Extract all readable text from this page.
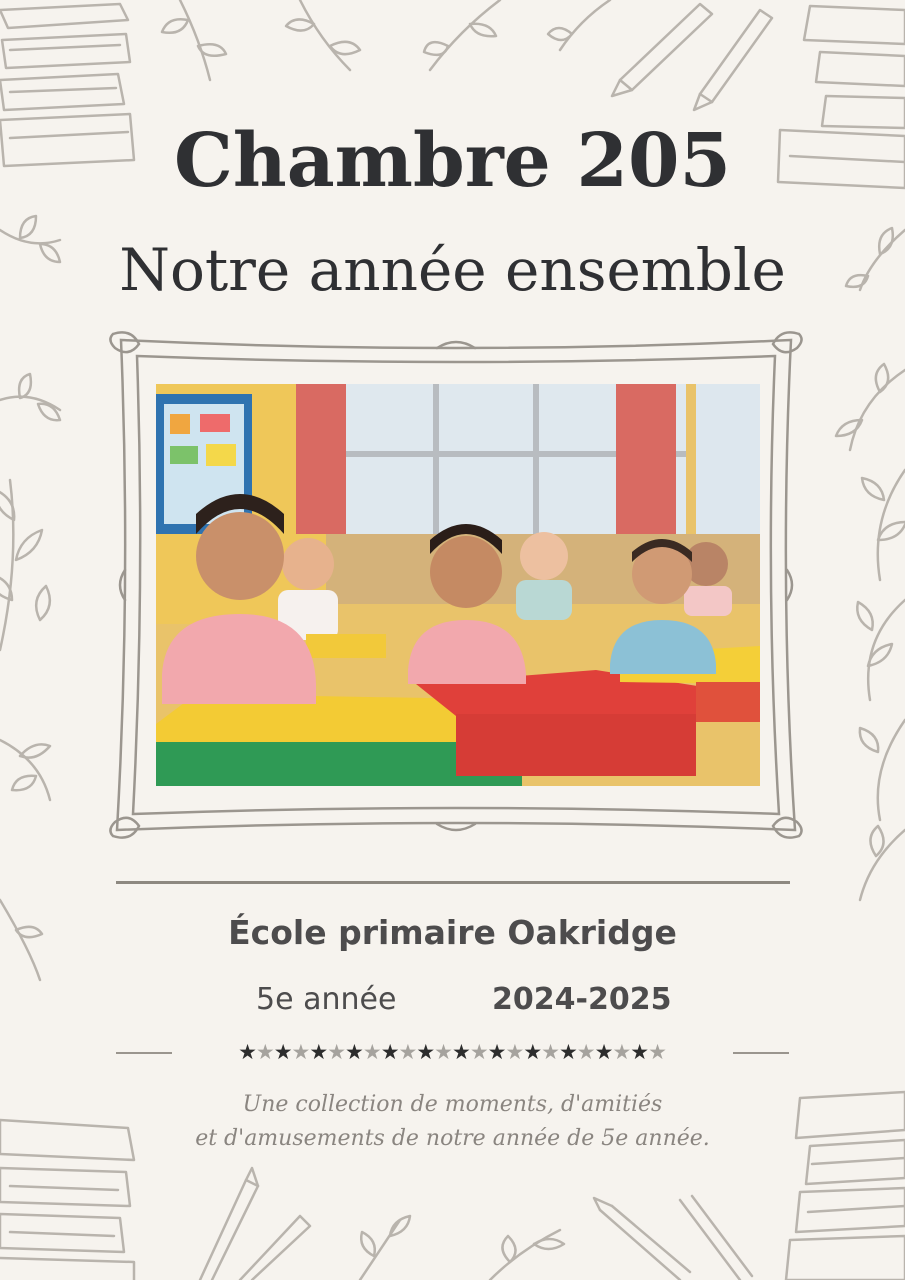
Chambre 205
Notre année ensemble
École primaire Oakridge
5e année	2024-2025
★★★★★★★★★★★★★★★★★★★★★★★★
Une collection de moments, d'amitiés
et d'amusements de notre année de 5e année.
